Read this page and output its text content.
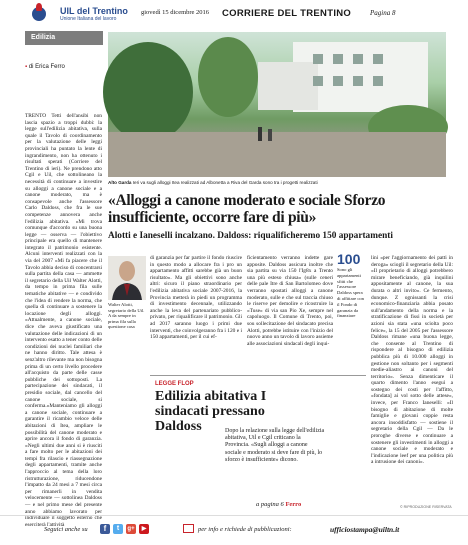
UIL del Trentino
Unione Italiana del lavoro
giovedì 15 dicembre 2016 CORRIERE DEL TRENTINO	Pagina 8
Edilizia
▪ di Erica Ferro
TRENTO Tetti dell'ansibi non lascia spazio a troppi dubbi: la legge sull'edilizia abitativa, sulla quale il Tavolo di coordinamento per la valutazione delle leggi provinciali ha puntato la lente di ingrandimento, non ha ottenuto i risultati sperati (Corriere del Trentino di ieri). Ne prendono atto Cgil e Uil, che sottolineano la necessità di continuare a investire su alloggi a canone sociale e a canone moderato, ma è consapevole anche l'assessore Carlo Daldoss, che fra le sue competenze annovera anche l'edilizia abitativa. «Mi trova comunque d'accordo su una buona legge — osserva — l'obiettivo principale era quello di mantenere integrato il patrimonio esistente. Alcuni interventi realizzati con la via del 2007 «Mi fa piacere che il Tavolo abbia deciso di concentrarsi sulla partita della casa — ammette il segretario della Uil Walter Alotti, da tempo in prima fila sulle tematiche abitative — e condivido che l'idea di rendere la norma, che quella di continuare a sostenere la locazione degli alloggi. «Attualmente, a canone sociale, dice che aveva giustificato una valutazione delle indicazioni di un intervento esatto a tener conto delle condizioni dei nuclei familiari che ne hanno diritto. Tale attesa è senz'altro rilevante ma non bisogna prima di un certo livello procedere all'acquisto da parte delle casse pubbliche dei sottoposti. La partecipazione dei sindacati, il presidio sociale, dal cancello del canone sociale, si conferma.«Manteniamo gli alloggi a canone sociale, continuare a garantire il ricambio veloce delle abitazioni di Itea, ampliare le possibilità del canone moderato e aprire ancora il fondo di garanzia. «Negli ultimi due anni si è riusciti a fare molto per le abitazioni dei tempi fra rilascio e riassegnazione degli appartamenti, tramite anche l'approccio al tema della loro ristrutturazione, riducendone l'impatto da 24 mesi a 7 mesi circa per rimanerli in vendita velocemente — sottolinea Daldoss — e nel primo mese del presente anno abbiamo lavorato per individuare il soggetto esterno che eserciterà l'attività
Alto Garda Ieri va sugli alloggi Itea realizzati ad Albonetta a Riva del Garda sono tra i progetti realizzati
«Alloggi a canone moderato e sociale Sforzo insufficiente, occorre fare di più»
Alotti e Ianeselli incalzano. Daldoss: riqualificheremo 150 appartamenti
Walter Alotti, segretario della Uil. A da sempre in prima fila sulla questione casa
di garanzia per far partire il fondo riuscire in questo modo a allocare fra i pro un appartamento affitti sarebbe già un buon risultato». Ma gli obiettivi sono anche altri: sicuro il piano straordinario per l'edilizia abitativa sociale 2007-2016, la Provincia metterà in piedi un programma di investimento decennale, utilizzando anche la leva del partenariato pubblico-privato, per riqualificare il patrimonio. Gli ad 2017 saranno luogo i primi due interventi, che coinvolgeranno fra i 120 e i 150 appartamenti, per il cui ef-
ficientamento verranno indette gare apposite. Daldoss assicura inoltre che sia partita su via 150 l'Ig8x a Trento una più esteso chiusa» (sulle ceneri delle pale Itre di San Bartolomeo dove verranno spostati alloggi a canone moderato, sulle e che sul traccia chiuso le riserve per demolire e ricostruire la «Tuse» di via san Pio Xe, sempre nel capoluogo. Il Comune di Trento, poi, sou sollecitazione del sindacato precisa Alotti, potrebbe istituire con l'inizio del nuovo anno un tavolo di lavoro assieme alle associazioni sindacali degli inqui-
100
Sono gli appartamenti sfitti che l'assessore Daldoss spera di affittare con il Fondo di garanzia da finanziare
lini «per l'aggiornamento dei patti in deroga» sciogli il segretario della Uil: «Il proprietario di alloggi potrebbero mirare beneficiando, già inquilini appositamente al canone, la sua durata o altri invito». Ce fermento, dunque. Z ognissanti la crisi economico-finanziaria abbia posato sull'andamento della norma e la stratificazione di fissi in società per azioni sia stata «una sciolta poco felice», la 15 del 2005 per l'assessore Daldoss rimane «una buona legge, che consente al Trentino di rispondere al bisogno di edilizia pubblica più di 10.000 alloggi in gestione non soltanto per i segmenti medie-aliastro ai canoni del territorio». Senza dimenticare il quarto dimento l'anno eseguì a sostegno dei costi per l'affitto, «fondata] ai vol sotto delle attese», invece, per Franco Ianeselli: «Il bisogno di abitazione di molte famiglie e giovani coppie resta ancora insoddisfatto — sostiene il segretario della Cgil — Da le proroghe diverse e continuare a sostenere gli investimenti in alloggi a canone sociale e moderato e l'indicazione leef per una politica più a intrusione dei canoni».
LEGGE FLOP
Edilizia abitativa I sindacati pressano Daldoss	Dopo la relazione sulla legge dell'edilizia abitativa, Uil e Cgil criticano la Provincia. «Sugli alloggi a canone sociale e moderato si deve fare di più, lo sforzo è insufficiente» dicono.
a pagina 6 Ferro	© RIPRODUZIONE RISERVATA
Seguici anche su	f	t	g+	▶	per info e richiede di pubblicazioni:	ufficiostampa@uiltn.it
